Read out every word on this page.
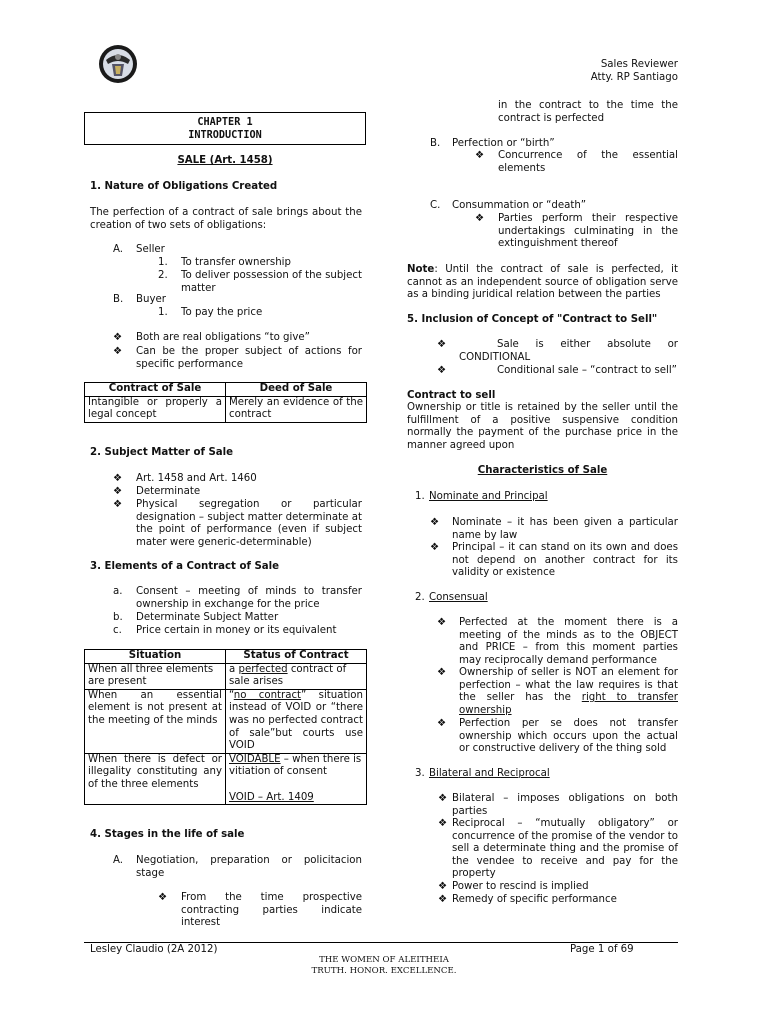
Sales Reviewer
Atty. RP Santiago
CHAPTER 1
INTRODUCTION
SALE (Art. 1458)
1. Nature of Obligations Created

The perfection of a contract of sale brings about the creation of two sets of obligations:

A. Seller
1. To transfer ownership
2. To deliver possession of the subject matter
B. Buyer
1. To pay the price
❖ Both are real obligations “to give”
❖ Can be the proper subject of actions for specific performance
Contract of Sale	Deed of Sale
Intangible or properly a legal concept	Merely an evidence of the contract
2. Subject Matter of Sale
❖ Art. 1458 and Art. 1460
❖ Determinate
❖ Physical segregation or particular designation – subject matter determinate at the point of performance (even if subject mater were generic-determinable)
3. Elements of a Contract of Sale
a. Consent – meeting of minds to transfer ownership in exchange for the price
b. Determinate Subject Matter
c. Price certain in money or its equivalent
Situation	Status of Contract
When all three elements are present	a perfected contract of sale arises
When an essential element is not present at the meeting of the minds	“no contract” situation instead of VOID or “there was no perfected contract of sale”but courts use VOID
When there is defect or illegality constituting any of the three elements	VOIDABLE – when there is vitiation of consent

VOID – Art. 1409
4. Stages in the life of sale
A. Negotiation, preparation or policitacion stage
❖ From the time prospective contracting parties indicate interest
in the contract to the time the contract is perfected
B. Perfection or “birth”
❖ Concurrence of the essential elements
C. Consummation or “death”
❖ Parties perform their respective undertakings culminating in the extinguishment thereof

Note: Until the contract of sale is perfected, it cannot as an independent source of obligation serve as a binding juridical relation between the parties

5. Inclusion of Concept of "Contract to Sell"
❖	Sale is either absolute or CONDITIONAL
❖	Conditional sale – “contract to sell”
Contract to sell

Ownership or title is retained by the seller until the fulfillment of a positive suspensive condition normally the payment of the purchase price in the manner agreed upon

Characteristics of Sale
1. Nominate and Principal
❖ Nominate – it has been given a particular name by law
❖ Principal – it can stand on its own and does not depend on another contract for its validity or existence
2. Consensual
❖ Perfected at the moment there is a meeting of the minds as to the OBJECT and PRICE – from this moment parties may reciprocally demand performance
❖ Ownership of seller is NOT an element for perfection – what the law requires is that the seller has the right to transfer ownership
❖ Perfection per se does not transfer ownership which occurs upon the actual or constructive delivery of the thing sold
3. Bilateral and Reciprocal
❖ Bilateral – imposes obligations on both parties
❖ Reciprocal – “mutually obligatory” or concurrence of the promise of the vendor to sell a determinate thing and the promise of the vendee to receive and pay for the property
❖ Power to rescind is implied
❖ Remedy of specific performance
Lesley Claudio (2A 2012)	Page 1 of 69
THE WOMEN OF ALEITHEIA
TRUTH. HONOR. EXCELLENCE.
